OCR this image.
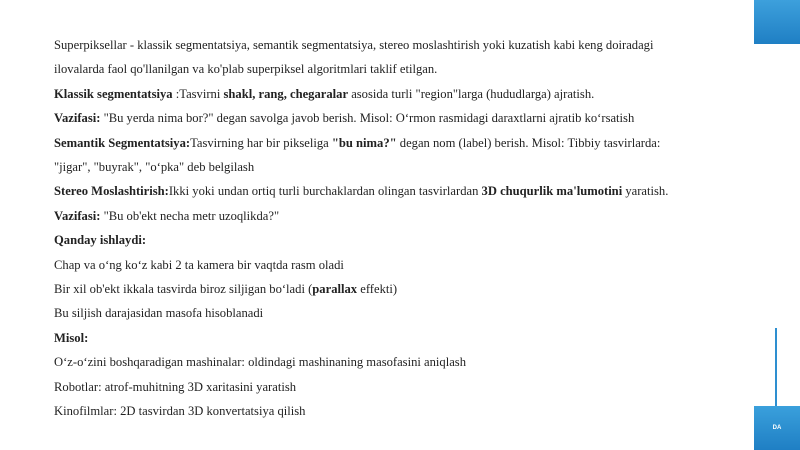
Superpiksellar - klassik segmentatsiya, semantik segmentatsiya, stereo moslashtirish yoki kuzatish kabi keng doiradagi
ilovalarda faol qo'llanilgan va ko'plab superpiksel algoritmlari taklif etilgan.
Klassik segmentatsiya :Tasvirni shakl, rang, chegaralar asosida turli "region"larga (hududlarga) ajratish.
Vazifasi: "Bu yerda nima bor?" degan savolga javob berish. Misol: O‘rmon rasmidagi daraxtlarni ajratib ko‘rsatish
Semantik Segmentatsiya:Tasvirning har bir pikseliga "bu nima?" degan nom (label) berish. Misol: Tibbiy tasvirlarda:
"jigar", "buyrak", "o‘pka" deb belgilash
Stereo Moslashtirish:Ikki yoki undan ortiq turli burchaklardan olingan tasvirlardan 3D chuqurlik ma'lumotini yaratish.
Vazifasi: "Bu ob'ekt necha metr uzoqlikda?"
Qanday ishlaydi:
Chap va o‘ng ko‘z kabi 2 ta kamera bir vaqtda rasm oladi
Bir xil ob'ekt ikkala tasvirda biroz siljigan bo‘ladi (parallax effekti)
Bu siljish darajasidan masofa hisoblanadi
Misol:
O‘z-o‘zini boshqaradigan mashinalar: oldindagi mashinaning masofasini aniqlash
Robotlar: atrof-muhitning 3D xaritasini yaratish
Kinofilmlar: 2D tasvirdan 3D konvertatsiya qilish
DA
